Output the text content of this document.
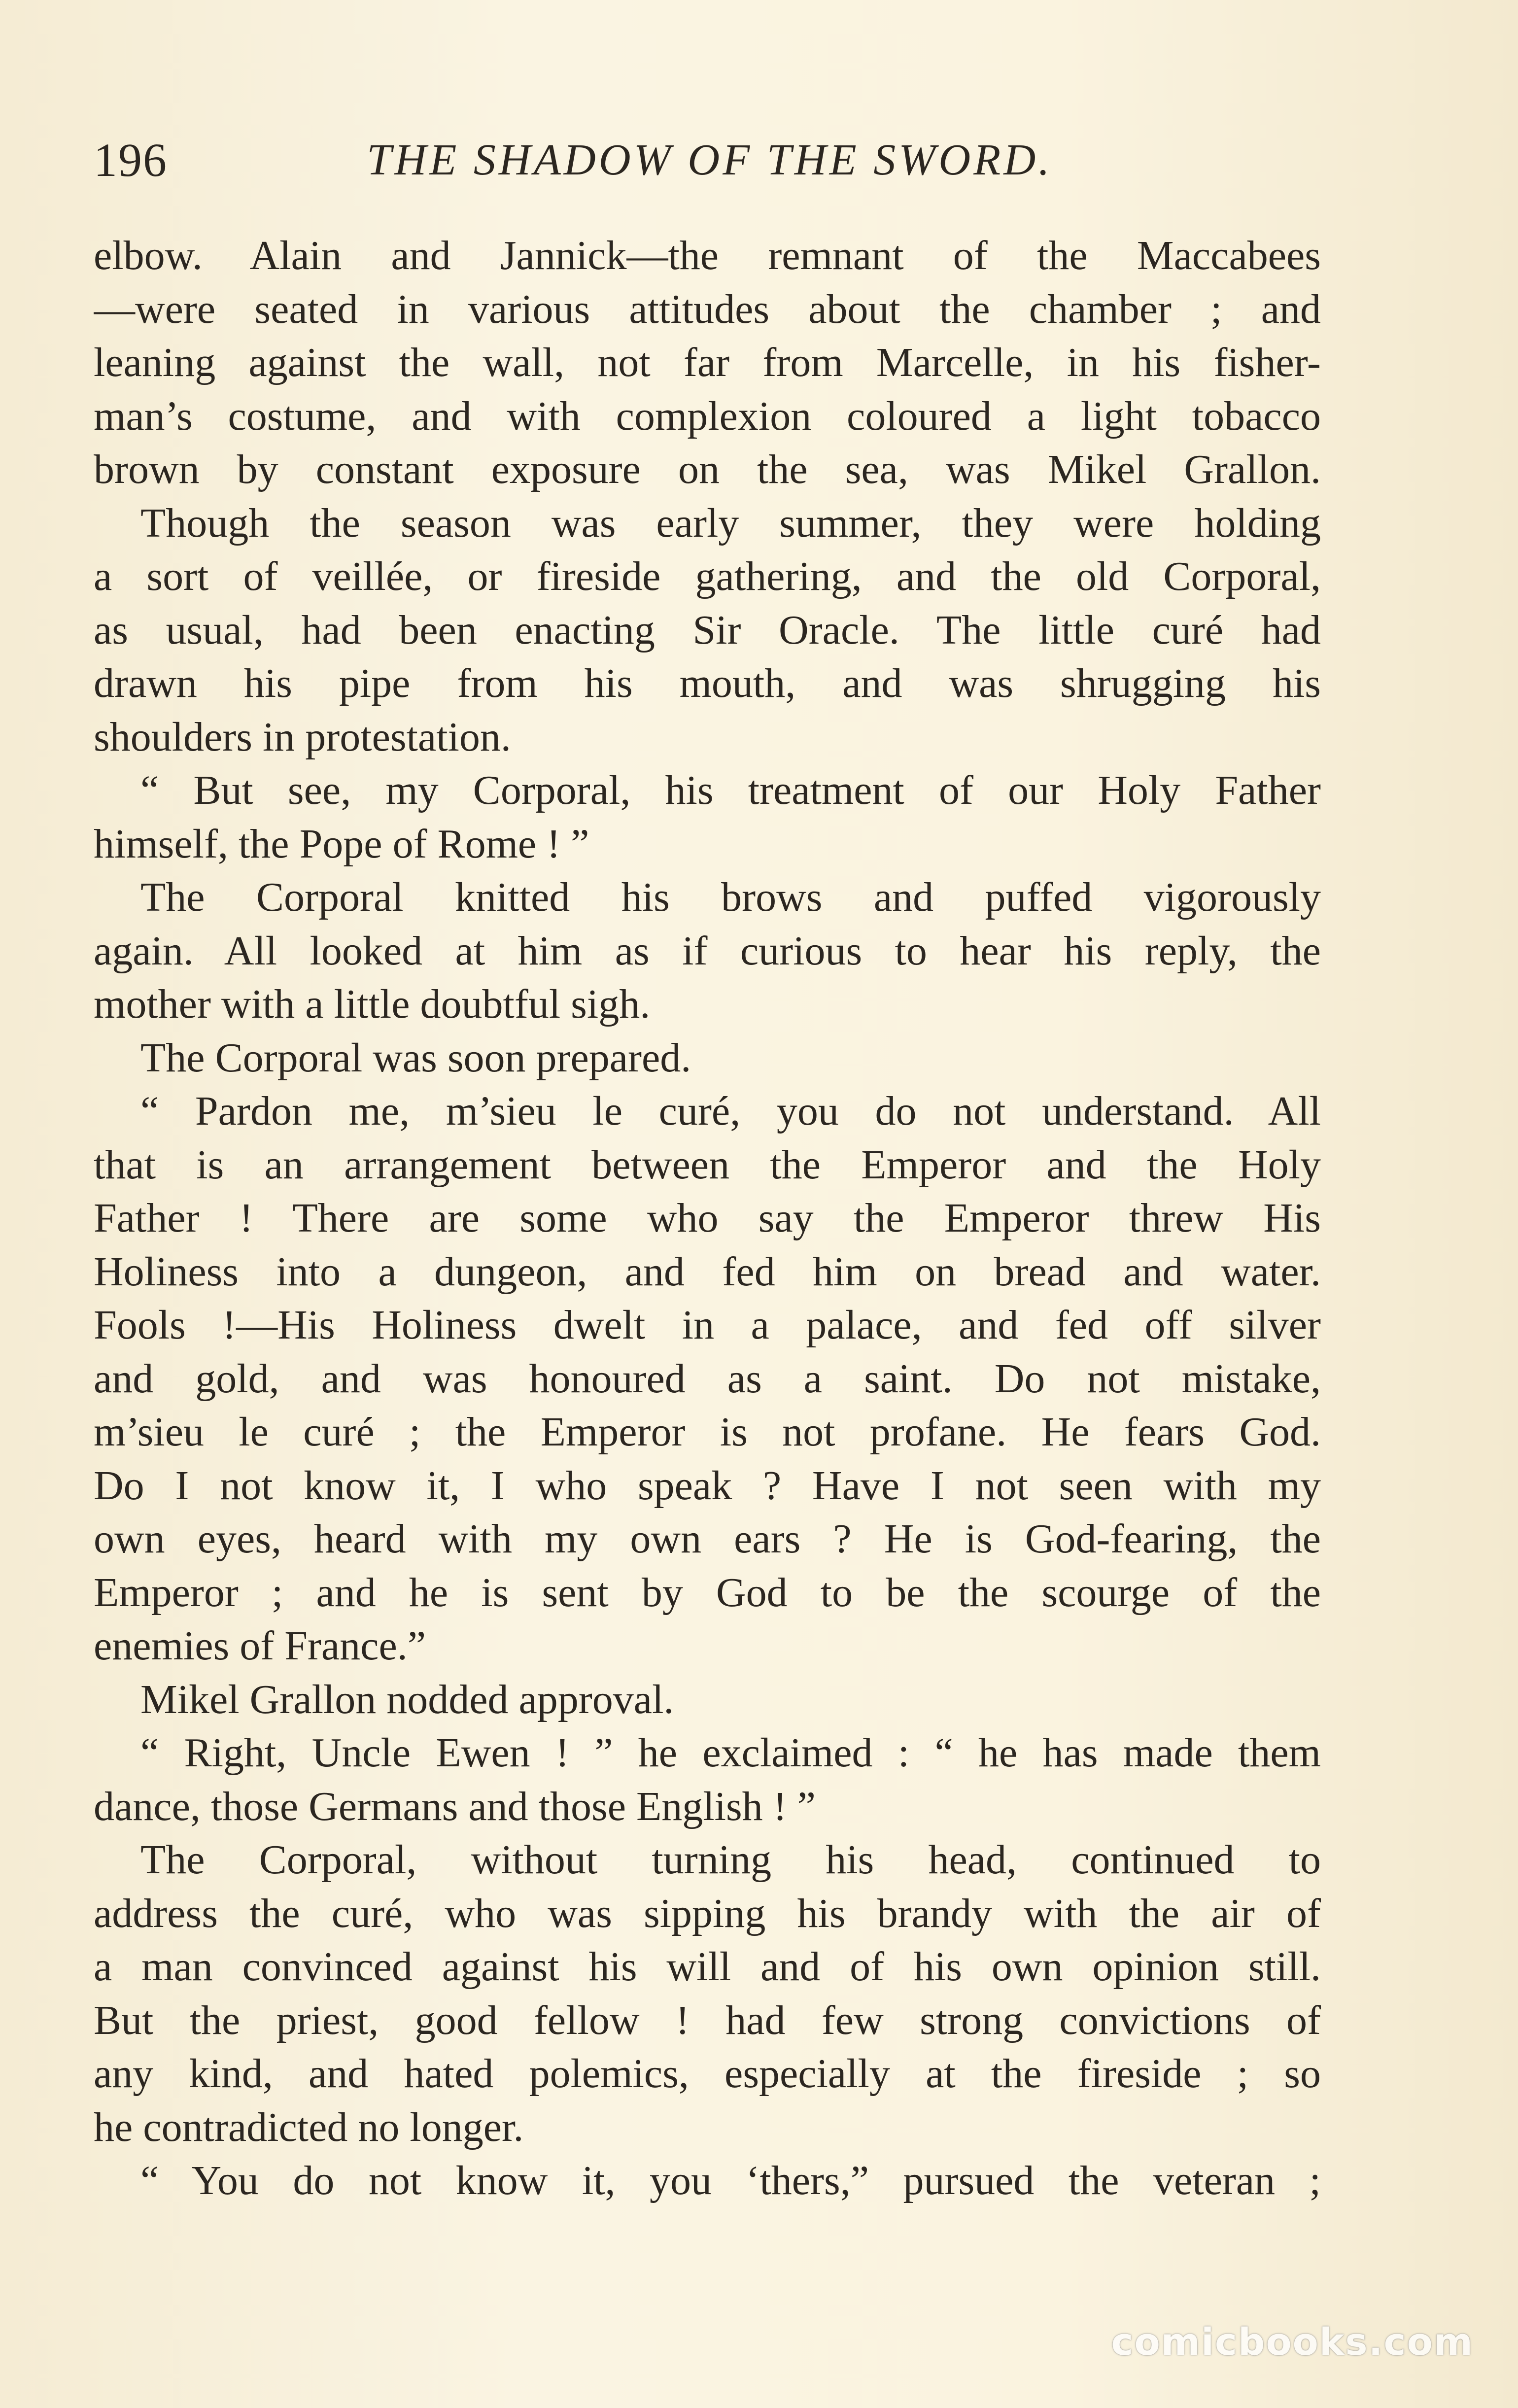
196	THE SHADOW OF THE SWORD.
elbow. Alain and Jannick—the remnant of the Maccabees
—were seated in various attitudes about the chamber ; and
leaning against the wall, not far from Marcelle, in his fisher-
man’s costume, and with complexion coloured a light tobacco
brown by constant exposure on the sea, was Mikel Grallon.
Though the season was early summer, they were holding
a sort of veillée, or fireside gathering, and the old Corporal,
as usual, had been enacting Sir Oracle. The little curé had
drawn his pipe from his mouth, and was shrugging his
shoulders in protestation.
“ But see, my Corporal, his treatment of our Holy Father
himself, the Pope of Rome ! ”
The Corporal knitted his brows and puffed vigorously
again. All looked at him as if curious to hear his reply, the
mother with a little doubtful sigh.
The Corporal was soon prepared.
“ Pardon me, m’sieu le curé, you do not understand. All
that is an arrangement between the Emperor and the Holy
Father ! There are some who say the Emperor threw His
Holiness into a dungeon, and fed him on bread and water.
Fools !—His Holiness dwelt in a palace, and fed off silver
and gold, and was honoured as a saint. Do not mistake,
m’sieu le curé ; the Emperor is not profane. He fears God.
Do I not know it, I who speak ? Have I not seen with my
own eyes, heard with my own ears ? He is God-fearing, the
Emperor ; and he is sent by God to be the scourge of the
enemies of France.”
Mikel Grallon nodded approval.
“ Right, Uncle Ewen ! ” he exclaimed : “ he has made them
dance, those Germans and those English ! ”
The Corporal, without turning his head, continued to
address the curé, who was sipping his brandy with the air of
a man convinced against his will and of his own opinion still.
But the priest, good fellow ! had few strong convictions of
any kind, and hated polemics, especially at the fireside ; so
he contradicted no longer.
“ You do not know it, you ‘thers,” pursued the veteran ;
comicbooks.com
